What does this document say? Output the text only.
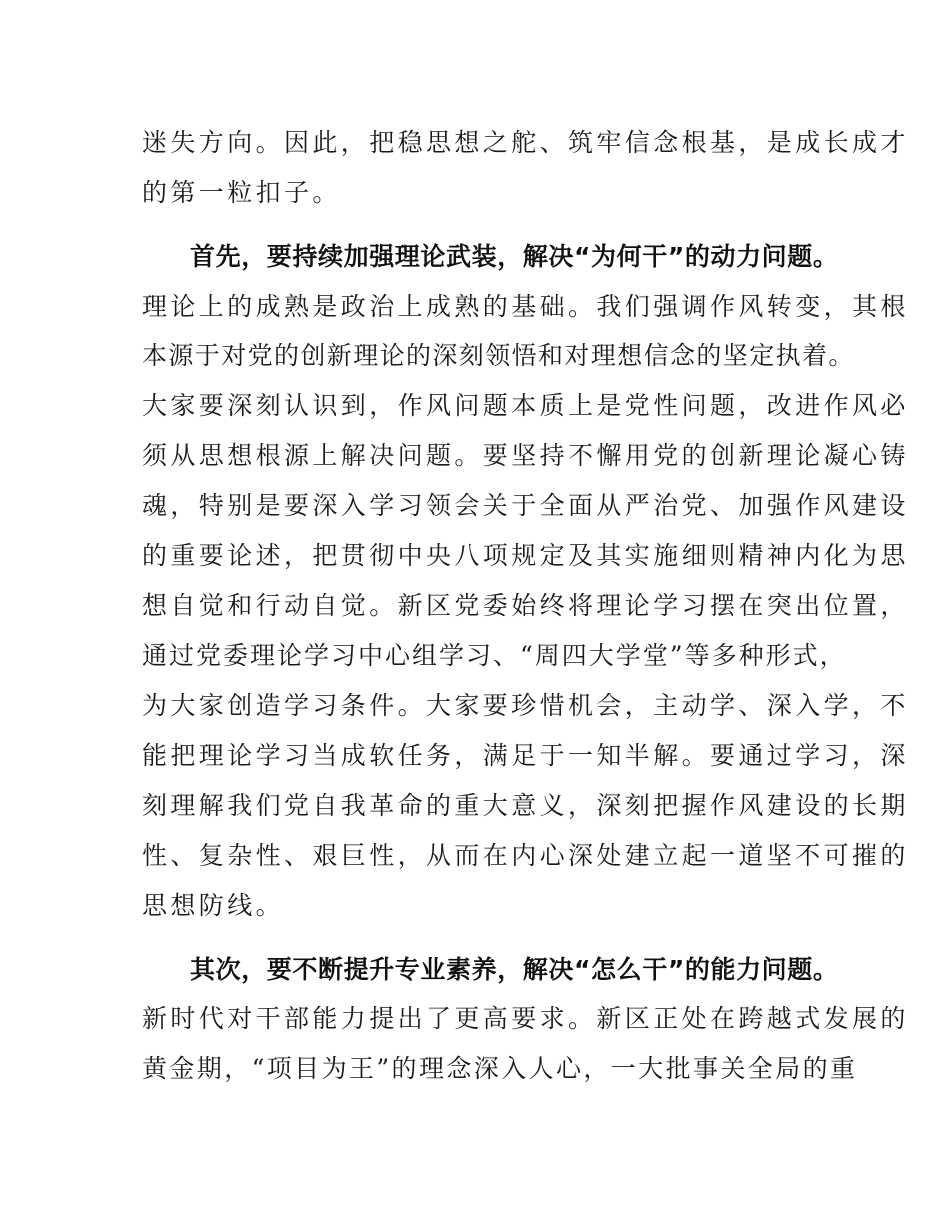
迷失方向。因此，把稳思想之舵、筑牢信念根基，是成长成才
的第一粒扣子。
首先，要持续加强理论武装，解决“为何干”的动力问题。
理论上的成熟是政治上成熟的基础。我们强调作风转变，其根
本源于对党的创新理论的深刻领悟和对理想信念的坚定执着。
大家要深刻认识到，作风问题本质上是党性问题，改进作风必
须从思想根源上解决问题。要坚持不懈用党的创新理论凝心铸
魂，特别是要深入学习领会关于全面从严治党、加强作风建设
的重要论述，把贯彻中央八项规定及其实施细则精神内化为思
想自觉和行动自觉。新区党委始终将理论学习摆在突出位置，
通过党委理论学习中心组学习、“周四大学堂”等多种形式，
为大家创造学习条件。大家要珍惜机会，主动学、深入学，不
能把理论学习当成软任务，满足于一知半解。要通过学习，深
刻理解我们党自我革命的重大意义，深刻把握作风建设的长期
性、复杂性、艰巨性，从而在内心深处建立起一道坚不可摧的
思想防线。
其次，要不断提升专业素养，解决“怎么干”的能力问题。
新时代对干部能力提出了更高要求。新区正处在跨越式发展的
黄金期，“项目为王”的理念深入人心，一大批事关全局的重
